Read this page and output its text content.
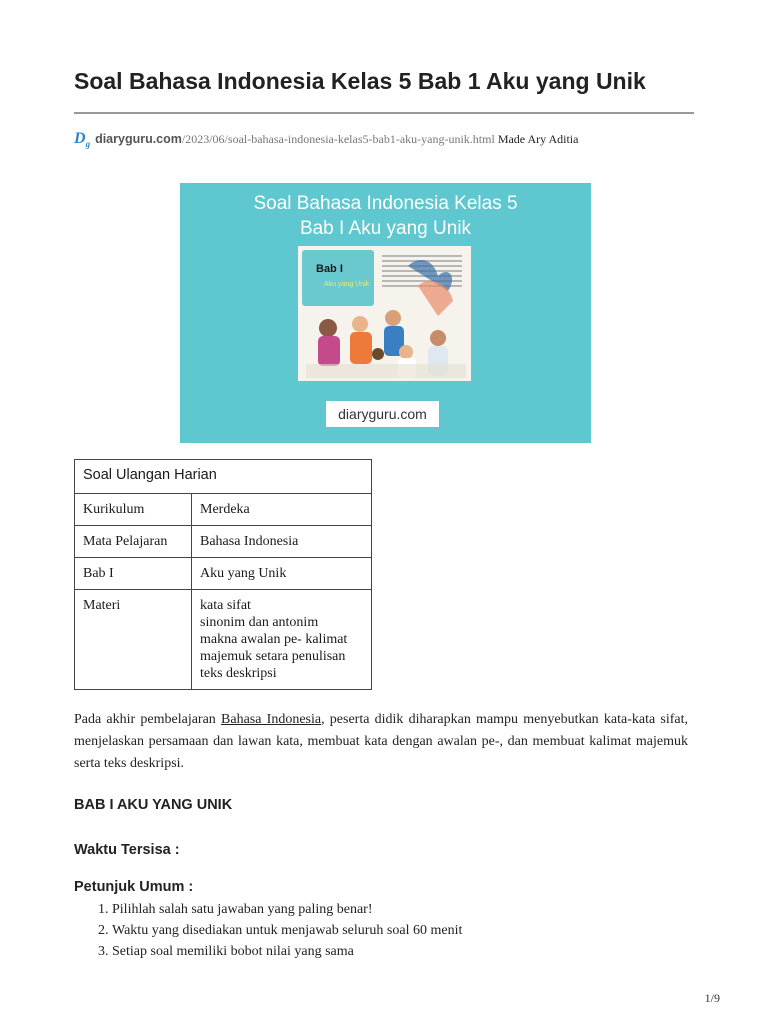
Soal Bahasa Indonesia Kelas 5 Bab 1 Aku yang Unik
$D_g$ diaryguru.com/2023/06/soal-bahasa-indonesia-kelas5-bab1-aku-yang-unik.html Made Ary Aditia
Soal Bahasa Indonesia Kelas 5
Bab I Aku yang Unik
Bab I
Aku yang Unik
diaryguru.com
Soal Ulangan Harian	
Kurikulum	Merdeka
Mata Pelajaran	Bahasa Indonesia
Bab I	Aku yang Unik
Materi	kata sifat
sinonim dan antonim
makna awalan pe- kalimat
majemuk setara penulisan
teks deskripsi

Pada akhir pembelajaran Bahasa Indonesia, peserta didik diharapkan mampu menyebutkan kata-kata sifat, menjelaskan persamaan dan lawan kata, membuat kata dengan awalan pe-, dan membuat kalimat majemuk serta teks deskripsi.

BAB I AKU YANG UNIK
Waktu Tersisa :
Petunjuk Umum :
1. Pilihlah salah satu jawaban yang paling benar!
2. Waktu yang disediakan untuk menjawab seluruh soal 60 menit
3. Setiap soal memiliki bobot nilai yang sama
1/9
